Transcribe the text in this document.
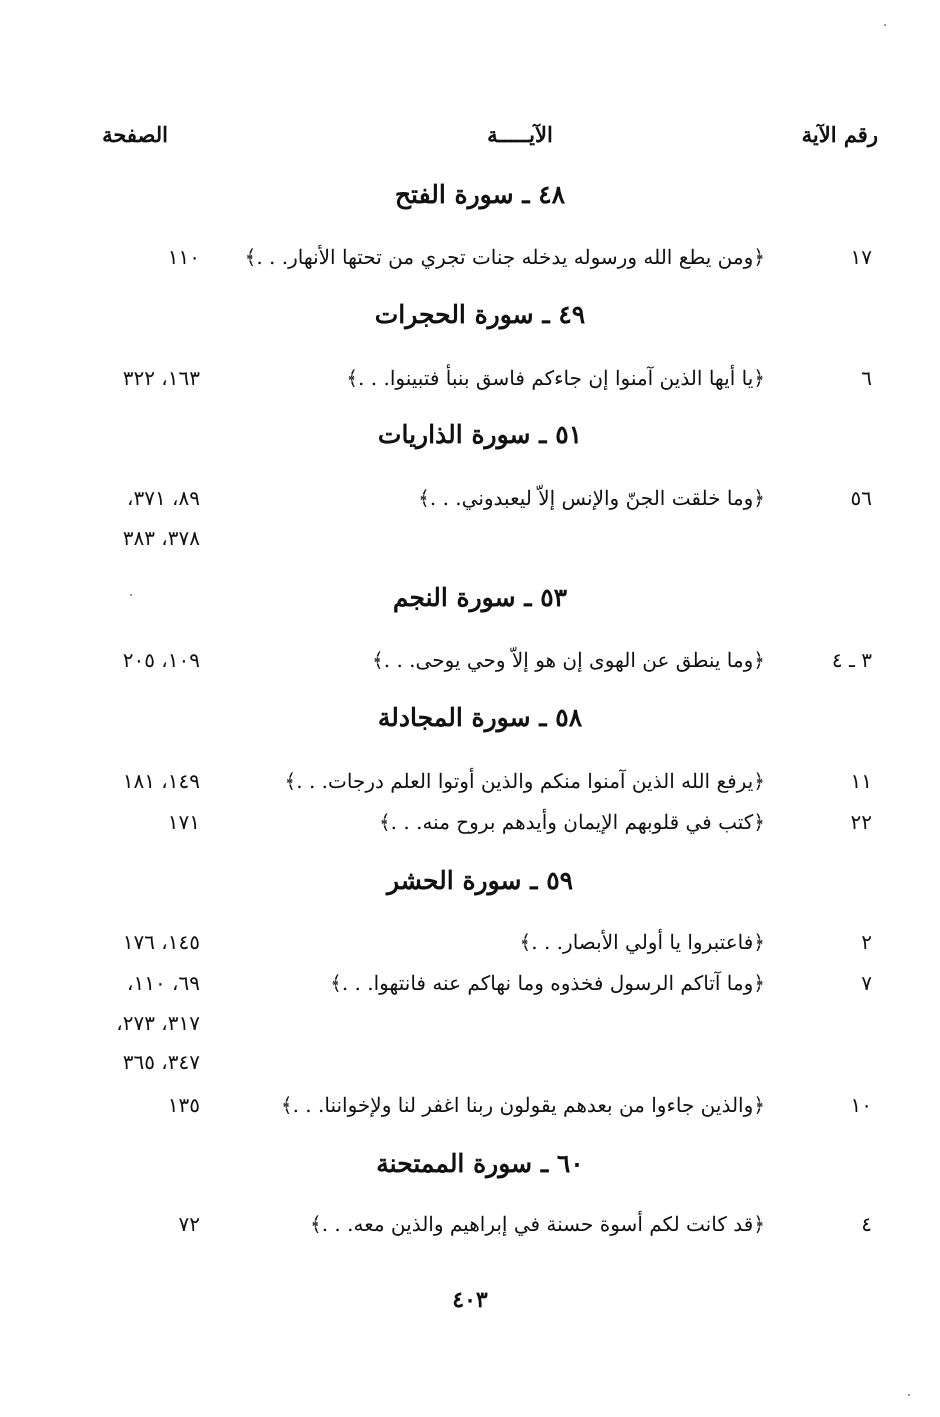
رقم الآية
الآيـــــة
الصفحة
٤٨ ـ سورة الفتح
١٧
﴿ومن يطع الله ورسوله يدخله جنات تجري من تحتها الأنهار. . .﴾
١١٠
٤٩ ـ سورة الحجرات
٦
﴿يا أيها الذين آمنوا إن جاءكم فاسق بنبأ فتبينوا. . .﴾
١٦٣، ٣٢٢
٥١ ـ سورة الذاريات
٥٦
﴿وما خلقت الجنّ والإنس إلاّ ليعبدوني. . .﴾
٨٩، ٣٧١،
٣٧٨، ٣٨٣
٥٣ ـ سورة النجم
٣ ـ ٤
﴿وما ينطق عن الهوى إن هو إلاّ وحي يوحى. . .﴾
١٠٩، ٢٠٥
٥٨ ـ سورة المجادلة
١١
﴿يرفع الله الذين آمنوا منكم والذين أوتوا العلم درجات. . .﴾
١٤٩، ١٨١
٢٢
﴿كتب في قلوبهم الإيمان وأيدهم بروح منه. . .﴾
١٧١
٥٩ ـ سورة الحشر
٢
﴿فاعتبروا يا أولي الأبصار. . .﴾
١٤٥، ١٧٦
٧
﴿وما آتاكم الرسول فخذوه وما نهاكم عنه فانتهوا. . .﴾
٦٩، ١١٠،
٣١٧، ٢٧٣،
٣٤٧، ٣٦٥
١٠
﴿والذين جاءوا من بعدهم يقولون ربنا اغفر لنا ولإخواننا. . .﴾
١٣٥
٦٠ ـ سورة الممتحنة
٤
﴿قد كانت لكم أسوة حسنة في إبراهيم والذين معه. . .﴾
٧٢
٤٠٣
